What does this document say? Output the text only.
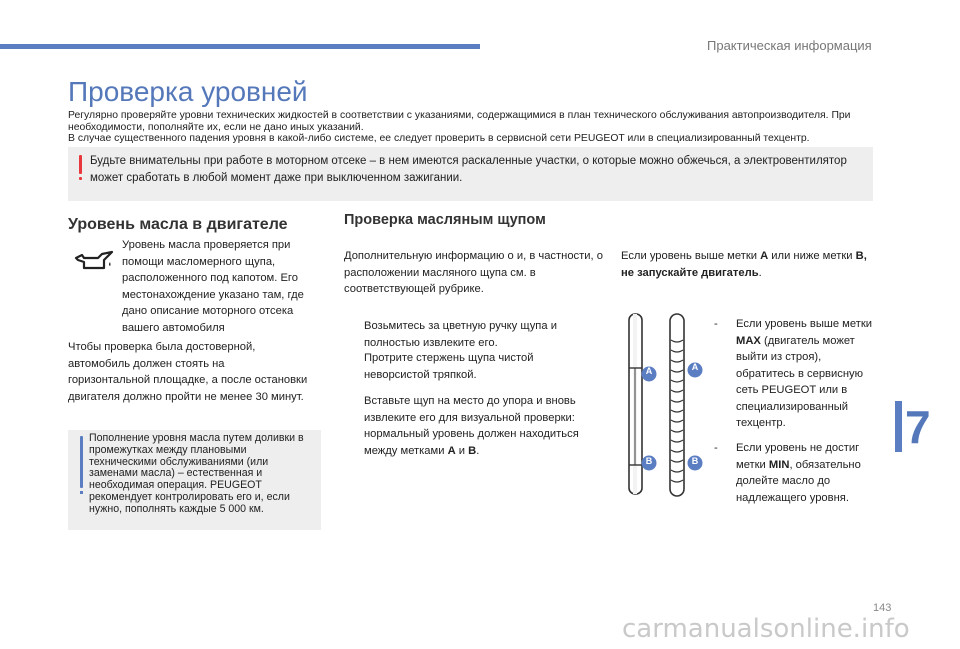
Практическая информация
Проверка уровней
Регулярно проверяйте уровни технических жидкостей в соответствии с указаниями, содержащимися в план технического обслуживания автопроизводителя. При необходимости, пополняйте их, если не дано иных указаний.
В случае существенного падения уровня в какой-либо системе, ее следует проверить в сервисной сети PEUGEOT или в специализированный техцентр.
Будьте внимательны при работе в моторном отсеке – в нем имеются раскаленные участки, о которые можно обжечься, а электровентилятор может сработать в любой момент даже при выключенном зажигании.
Уровень масла в двигателе
Уровень масла проверяется при помощи масломерного щупа, расположенного под капотом. Его местонахождение указано там, где дано описание моторного отсека вашего автомобиля
Чтобы проверка была достоверной, автомобиль должен стоять на горизонтальной площадке, а после остановки двигателя должно пройти не менее 30 минут.
Пополнение уровня масла путем доливки в промежутках между плановыми техническими обслуживаниями (или заменами масла) – естественная и необходимая операция. PEUGEOT рекомендует контролировать его и, если нужно, пополнять каждые 5 000 км.
Проверка масляным щупом
Дополнительную информацию о и, в частности, о расположении масляного щупа см. в соответствующей рубрике.
Если уровень выше метки A или ниже метки B, не запускайте двигатель.
Возьмитесь за цветную ручку щупа и полностью извлеките его.
Протрите стержень щупа чистой неворсистой тряпкой.
Вставьте щуп на место до упора и вновь извлеките его для визуальной проверки: нормальный уровень должен находиться между метками A и B.
A	A
B	B
- Если уровень выше метки MAX (двигатель может выйти из строя), обратитесь в сервисную сеть PEUGEOT или в специализированный техцентр.
- Если уровень не достиг метки MIN, обязательно долейте масло до надлежащего уровня.
7
143
carmanualsonline.info
